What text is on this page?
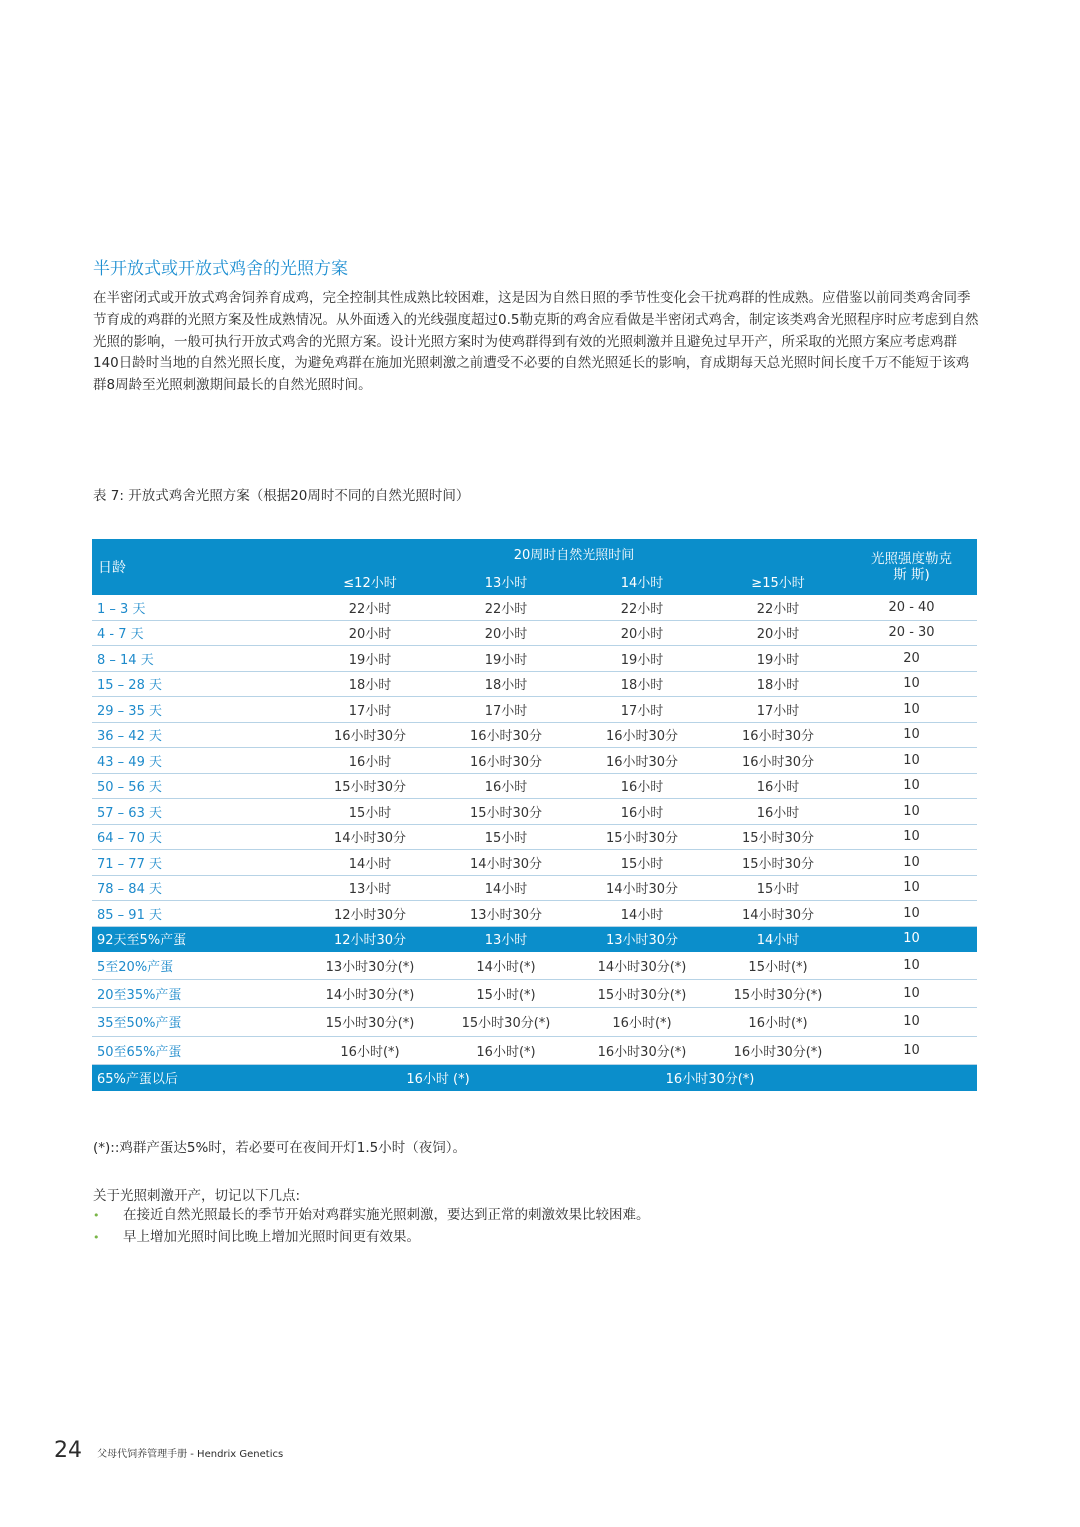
半开放式或开放式鸡舍的光照方案

在半密闭式或开放式鸡舍饲养育成鸡，完全控制其性成熟比较困难，这是因为自然日照的季节性变化会干扰鸡群的性成熟。应借鉴以前同类鸡舍同季节育成的鸡群的光照方案及性成熟情况。从外面透入的光线强度超过0.5勒克斯的鸡舍应看做是半密闭式鸡舍，制定该类鸡舍光照程序时应考虑到自然光照的影响，一般可执行开放式鸡舍的光照方案。设计光照方案时为使鸡群得到有效的光照刺激并且避免过早开产，所采取的光照方案应考虑鸡群140日龄时当地的自然光照长度，为避免鸡群在施加光照刺激之前遭受不必要的自然光照延长的影响，育成期每天总光照时间长度千万不能短于该鸡群8周龄至光照刺激期间最长的自然光照时间。

表 7: 开放式鸡舍光照方案（根据20周时不同的自然光照时间）

日龄	20周时自然光照时间				光照强度勒克
斯 斯)
	≤12小时	13小时	14小时	≥15小时	
1 – 3 天	22小时	22小时	22小时	22小时	20 - 40
4 - 7 天	20小时	20小时	20小时	20小时	20 - 30
8 – 14 天	19小时	19小时	19小时	19小时	20
15 – 28 天	18小时	18小时	18小时	18小时	10
29 – 35 天	17小时	17小时	17小时	17小时	10
36 – 42 天	16小时30分	16小时30分	16小时30分	16小时30分	10
43 – 49 天	16小时	16小时30分	16小时30分	16小时30分	10
50 – 56 天	15小时30分	16小时	16小时	16小时	10
57 – 63 天	15小时	15小时30分	16小时	16小时	10
64 – 70 天	14小时30分	15小时	15小时30分	15小时30分	10
71 – 77 天	14小时	14小时30分	15小时	15小时30分	10
78 – 84 天	13小时	14小时	14小时30分	15小时	10
85 – 91 天	12小时30分	13小时30分	14小时	14小时30分	10
92天至5%产蛋	12小时30分	13小时	13小时30分	14小时	10
5至20%产蛋	13小时30分(*)	14小时(*)	14小时30分(*)	15小时(*)	10
20至35%产蛋	14小时30分(*)	15小时(*)	15小时30分(*)	15小时30分(*)	10
35至50%产蛋	15小时30分(*)	15小时30分(*)	16小时(*)	16小时(*)	10
50至65%产蛋	16小时(*)	16小时(*)	16小时30分(*)	16小时30分(*)	10
65%产蛋以后	16小时 (*)		16小时30分(*)		

(*)::鸡群产蛋达5%时，若必要可在夜间开灯1.5小时（夜饲）。

关于光照刺激开产，切记以下几点:

• 在接近自然光照最长的季节开始对鸡群实施光照刺激，要达到正常的刺激效果比较困难。
• 早上增加光照时间比晚上增加光照时间更有效果。
24 父母代饲养管理手册 - Hendrix Genetics
